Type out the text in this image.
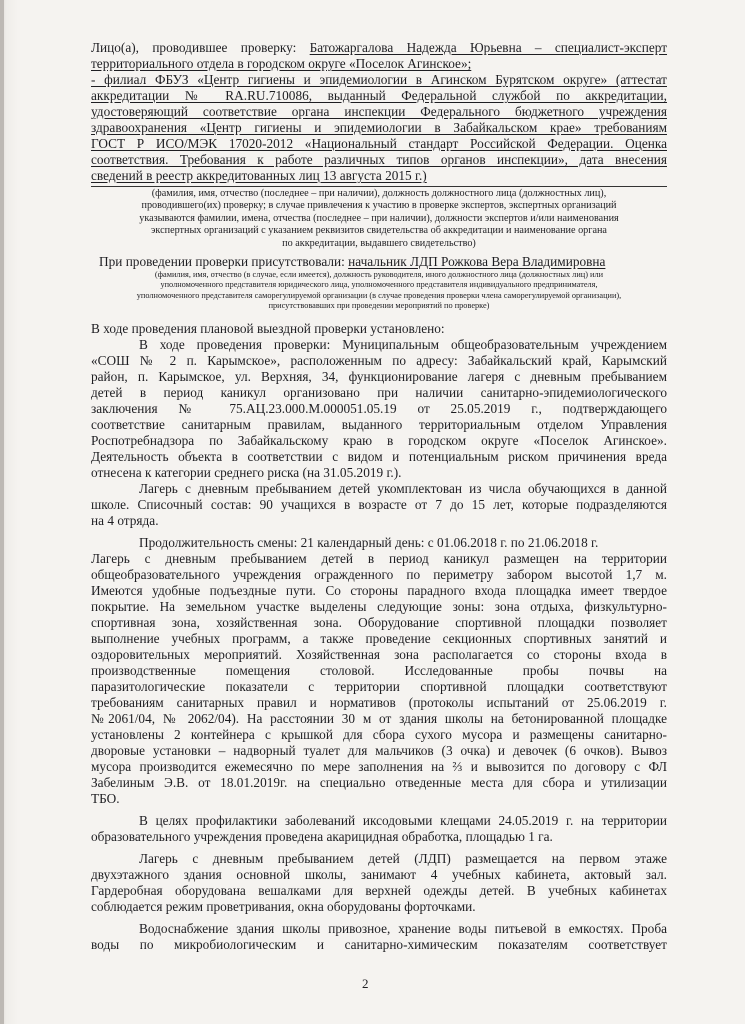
Лицо(а), проводившее проверку: Батожаргалова Надежда Юрьевна – специалист-эксперт
территориального отдела в городском округе «Поселок Агинское»;
- филиал ФБУЗ «Центр гигиены и эпидемиологии в Агинском Бурятском округе» (аттестат
аккредитации № RA.RU.710086, выданный Федеральной службой по аккредитации,
удостоверяющий соответствие органа инспекции Федерального бюджетного учреждения
здравоохранения «Центр гигиены и эпидемиологии в Забайкальском крае» требованиям
ГОСТ Р ИСО/МЭК 17020-2012 «Национальный стандарт Российской Федерации. Оценка
соответствия. Требования к работе различных типов органов инспекции», дата внесения
сведений в реестр аккредитованных лиц 13 августа 2015 г.)
(фамилия, имя, отчество (последнее – при наличии), должность должностного лица (должностных лиц),
проводившего(их) проверку; в случае привлечения к участию в проверке экспертов, экспертных организаций
указываются фамилии, имена, отчества (последнее – при наличии), должности экспертов и/или наименования
экспертных организаций с указанием реквизитов свидетельства об аккредитации и наименование органа
по аккредитации, выдавшего свидетельство)
При проведении проверки присутствовали: начальник ЛДП Рожкова Вера Владимировна
(фамилия, имя, отчество (в случае, если имеется), должность руководителя, иного должностного лица (должностных лиц) или
уполномоченного представителя юридического лица, уполномоченного представителя индивидуального предпринимателя,
уполномоченного представителя саморегулируемой организации (в случае проведения проверки члена саморегулируемой организации),
присутствовавших при проведении мероприятий по проверке)
В ходе проведения плановой выездной проверки установлено:
В ходе проведения проверки: Муниципальным общеобразовательным учреждением
«СОШ № 2 п. Карымское», расположенным по адресу: Забайкальский край, Карымский
район, п. Карымское, ул. Верхняя, 34, функционирование лагеря с дневным пребыванием
детей в период каникул организовано при наличии санитарно-эпидемиологического
заключения № 75.АЦ.23.000.М.000051.05.19 от 25.05.2019 г., подтверждающего
соответствие санитарным правилам, выданного территориальным отделом Управления
Роспотребнадзора по Забайкальскому краю в городском округе «Поселок Агинское».
Деятельность объекта в соответствии с видом и потенциальным риском причинения вреда
отнесена к категории среднего риска (на 31.05.2019 г.).
Лагерь с дневным пребыванием детей укомплектован из числа обучающихся в данной
школе. Списочный состав: 90 учащихся в возрасте от 7 до 15 лет, которые подразделяются
на 4 отряда.
Продолжительность смены: 21 календарный день: с 01.06.2018 г. по 21.06.2018 г.
Лагерь с дневным пребыванием детей в период каникул размещен на территории
общеобразовательного учреждения огражденного по периметру забором высотой 1,7 м.
Имеются удобные подъездные пути. Со стороны парадного входа площадка имеет твердое
покрытие. На земельном участке выделены следующие зоны: зона отдыха, физкультурно-
спортивная зона, хозяйственная зона. Оборудование спортивной площадки позволяет
выполнение учебных программ, а также проведение секционных спортивных занятий и
оздоровительных мероприятий. Хозяйственная зона располагается со стороны входа в
производственные помещения столовой. Исследованные пробы почвы на
паразитологические показатели с территории спортивной площадки соответствуют
требованиям санитарных правил и нормативов (протоколы испытаний от 25.06.2019 г.
№2061/04, № 2062/04). На расстоянии 30 м от здания школы на бетонированной площадке
установлены 2 контейнера с крышкой для сбора сухого мусора и размещены санитарно-
дворовые установки – надворный туалет для мальчиков (3 очка) и девочек (6 очков). Вывоз
мусора производится ежемесячно по мере заполнения на ⅔ и вывозится по договору с ФЛ
Забелиным Э.В. от 18.01.2019г. на специально отведенные места для сбора и утилизации
ТБО.
В целях профилактики заболеваний иксодовыми клещами 24.05.2019 г. на территории
образовательного учреждения проведена акарицидная обработка, площадью 1 га.
Лагерь с дневным пребыванием детей (ЛДП) размещается на первом этаже
двухэтажного здания основной школы, занимают 4 учебных кабинета, актовый зал.
Гардеробная оборудована вешалками для верхней одежды детей. В учебных кабинетах
соблюдается режим проветривания, окна оборудованы форточками.
Водоснабжение здания школы привозное, хранение воды питьевой в емкостях. Проба
воды по микробиологическим и санитарно-химическим показателям соответствует
2
